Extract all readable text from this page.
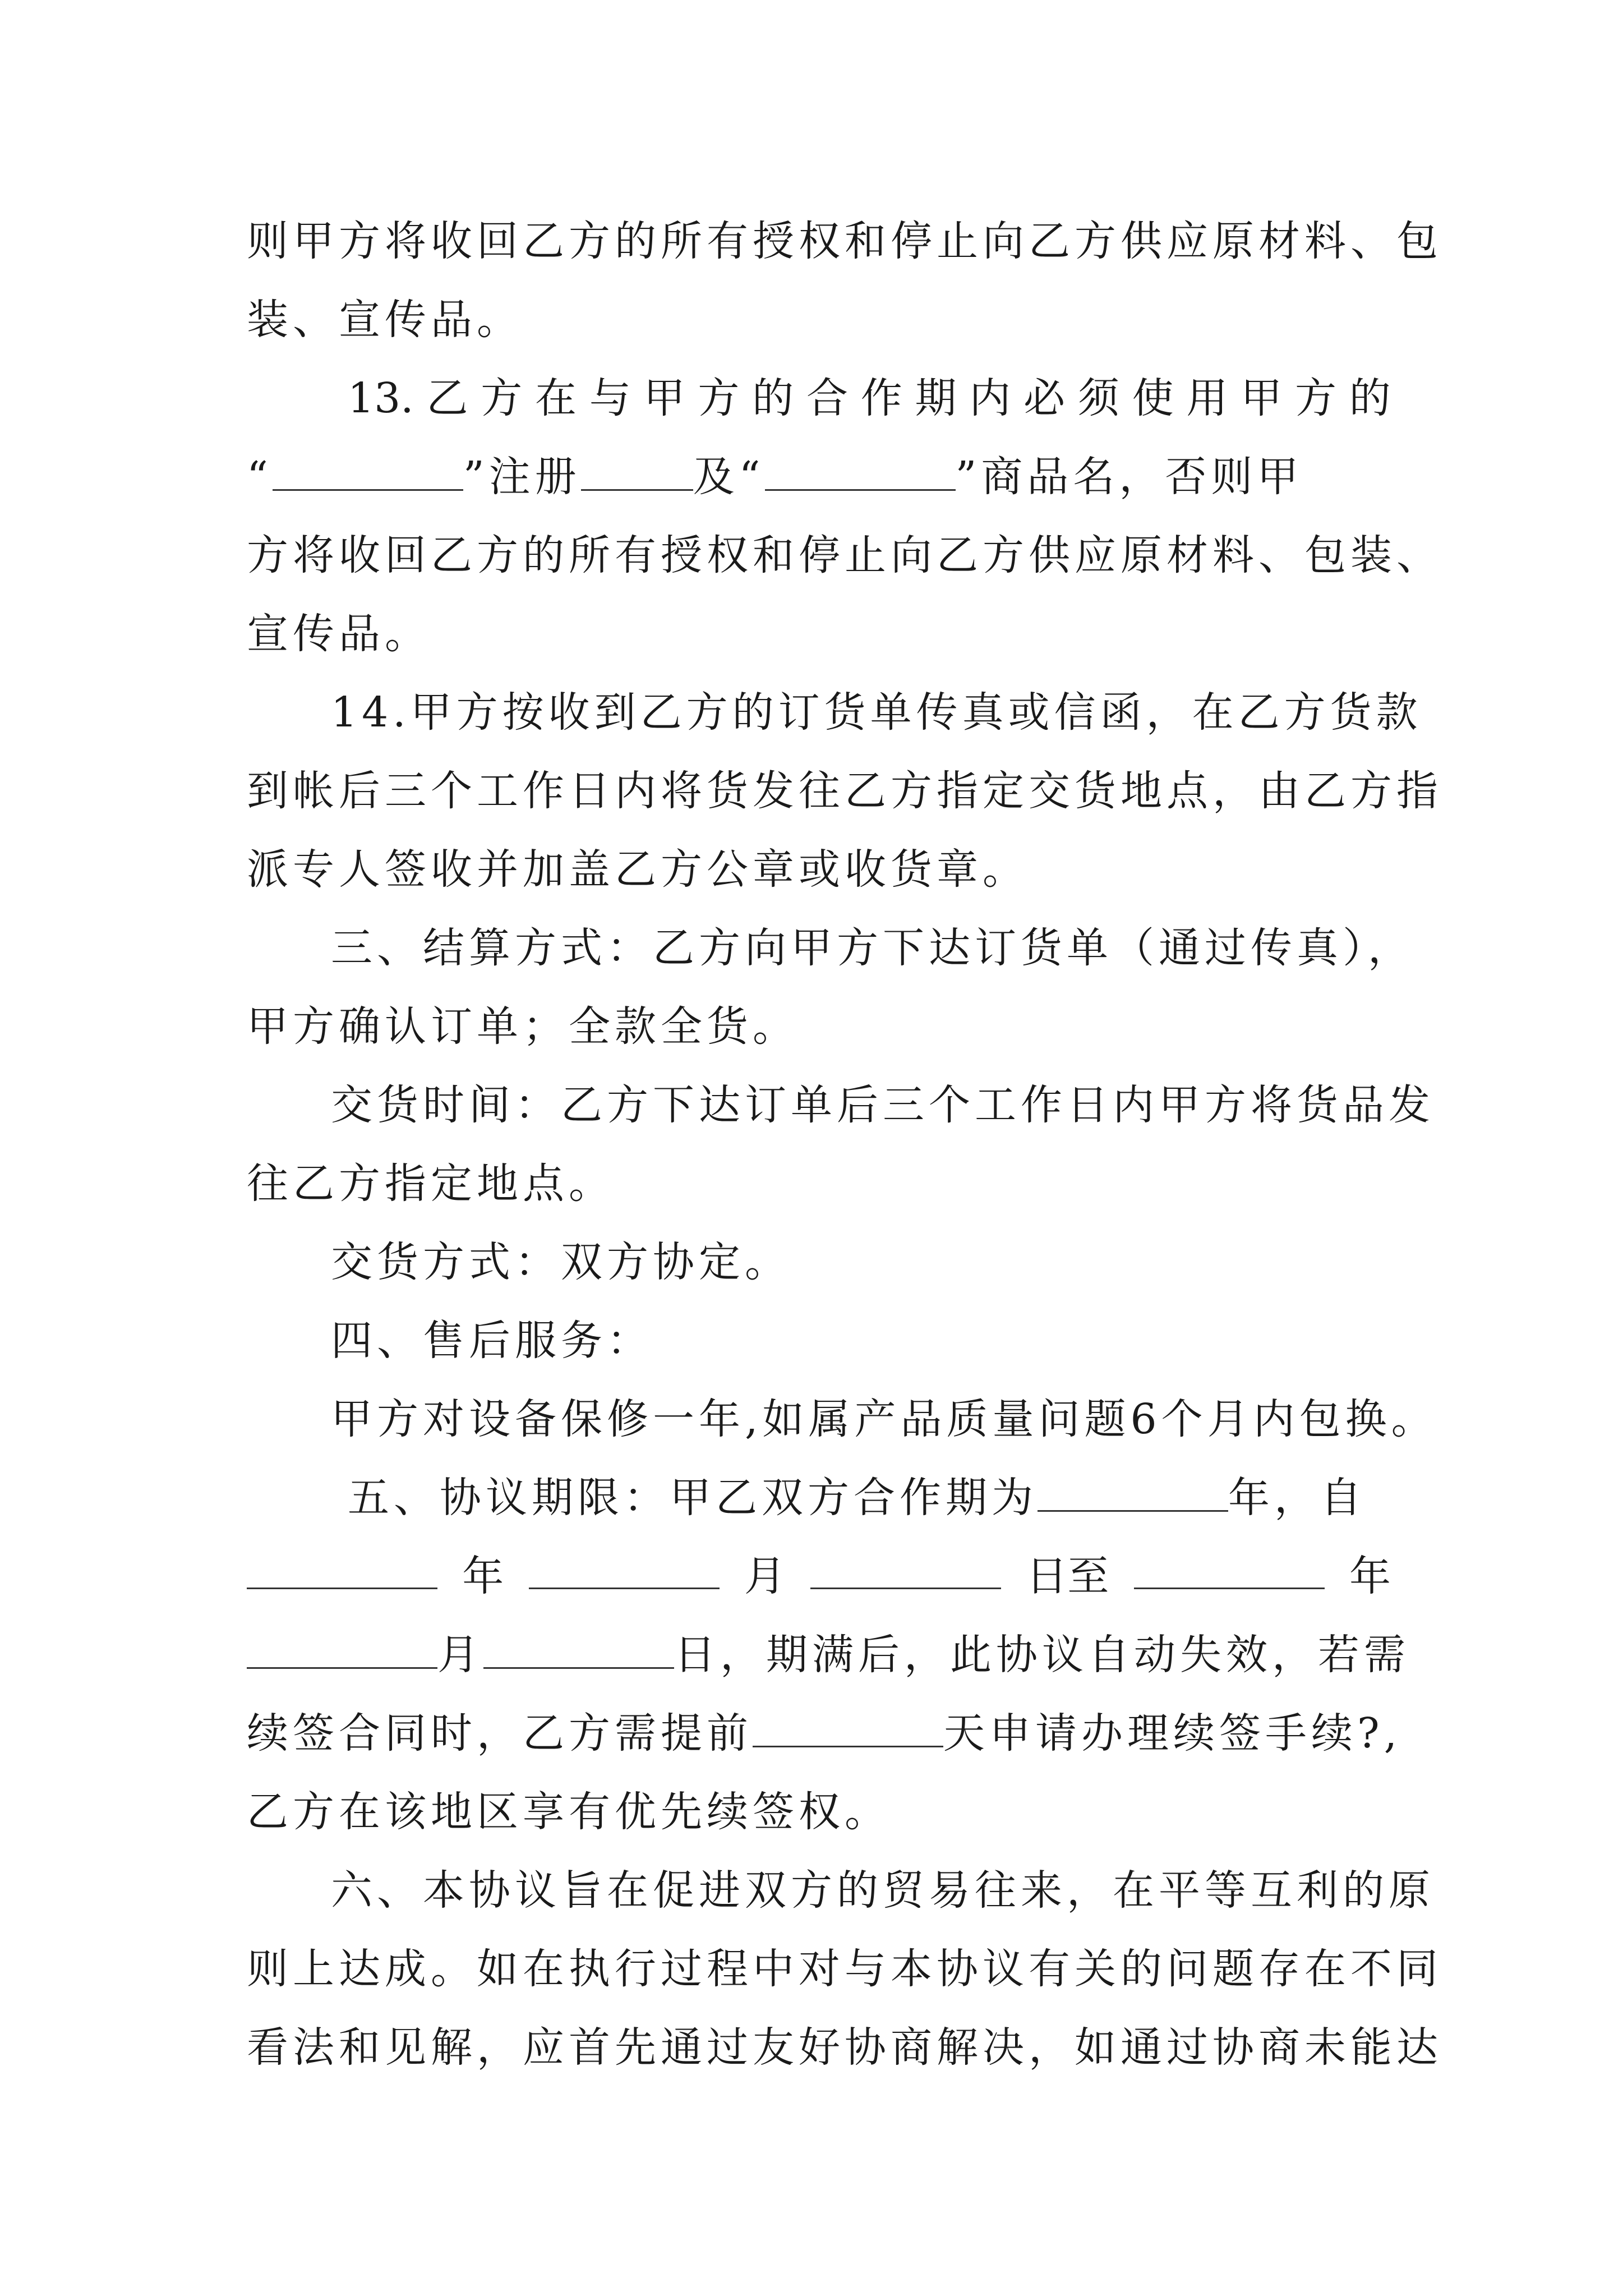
则甲方将收回乙方的所有授权和停止向乙方供应原材料、包
装、宣传品。
13. 乙 方 在 与 甲 方 的 合 作 期 内 必 须 使 用 甲 方 的
“	”注册	及“	”商品名，否则甲
方将收回乙方的所有授权和停止向乙方供应原材料、包装、
宣传品。
14.甲方按收到乙方的订货单传真或信函，在乙方货款
到帐后三个工作日内将货发往乙方指定交货地点，由乙方指
派专人签收并加盖乙方公章或收货章。
三、结算方式：乙方向甲方下达订货单（通过传真），
甲方确认订单；全款全货。
交货时间：乙方下达订单后三个工作日内甲方将货品发
往乙方指定地点。
交货方式：双方协定。
四、售后服务：
甲方对设备保修一年,如属产品质量问题6个月内包换。
五、协议期限：甲乙双方合作期为	年，自
年	月	日至	年
月	日，期满后，此协议自动失效，若需
续签合同时，乙方需提前	天申请办理续签手续?,
乙方在该地区享有优先续签权。
六、本协议旨在促进双方的贸易往来，在平等互利的原
则上达成。如在执行过程中对与本协议有关的问题存在不同
看法和见解，应首先通过友好协商解决，如通过协商未能达
